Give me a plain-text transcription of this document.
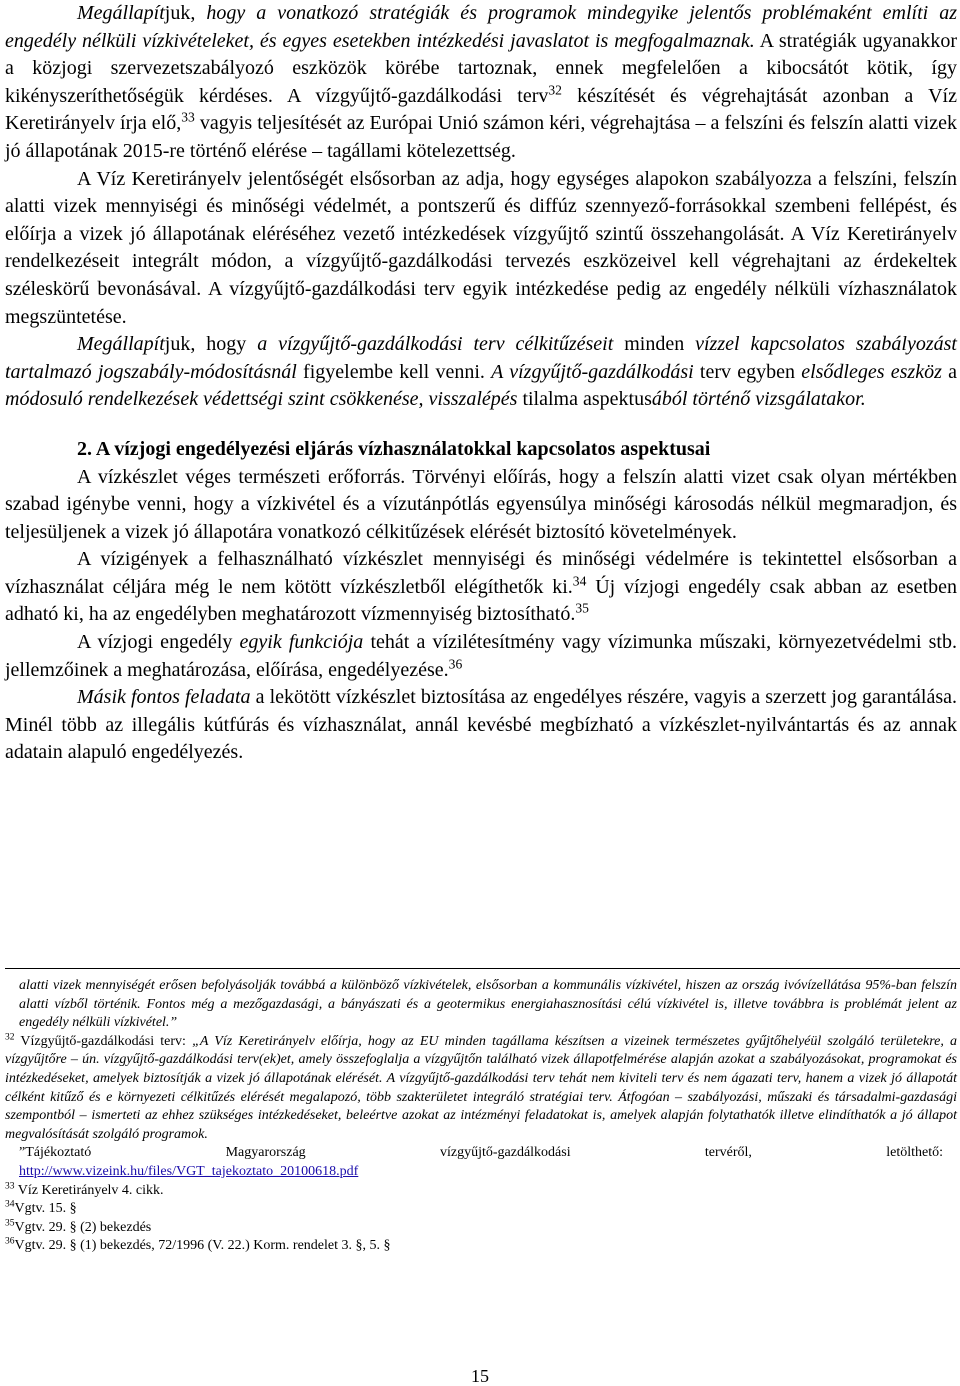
Megállapítjuk, hogy a vonatkozó stratégiák és programok mindegyike jelentős problémaként említi az engedély nélküli vízkivételeket, és egyes esetekben intézkedési javaslatot is megfogalmaznak. A stratégiák ugyanakkor a közjogi szervezetszabályozó eszközök körébe tartoznak, ennek megfelelően a kibocsátót kötik, így kikényszeríthetőségük kérdéses. A vízgyűjtő-gazdálkodási terv$^{32}$ készítését és végrehajtását azonban a Víz Keretirányelv írja elő,$^{33}$ vagyis teljesítését az Európai Unió számon kéri, végrehajtása – a felszíni és felszín alatti vizek jó állapotának 2015-re történő elérése – tagállami kötelezettség.

A Víz Keretirányelv jelentőségét elsősorban az adja, hogy egységes alapokon szabályozza a felszíni, felszín alatti vizek mennyiségi és minőségi védelmét, a pontszerű és diffúz szennyező-forrásokkal szembeni fellépést, és előírja a vizek jó állapotának eléréséhez vezető intézkedések vízgyűjtő szintű összehangolását. A Víz Keretirányelv rendelkezéseit integrált módon, a vízgyűjtő-gazdálkodási tervezés eszközeivel kell végrehajtani az érdekeltek széleskörű bevonásával. A vízgyűjtő-gazdálkodási terv egyik intézkedése pedig az engedély nélküli vízhasználatok megszüntetése.

Megállapítjuk, hogy a vízgyűjtő-gazdálkodási terv célkitűzéseit minden vízzel kapcsolatos szabályozást tartalmazó jogszabály-módosításnál figyelembe kell venni. A vízgyűjtő-gazdálkodási terv egyben elsődleges eszköz a módosuló rendelkezések védettségi szint csökkenése, visszalépés tilalma aspektusából történő vizsgálatakor.

2. A vízjogi engedélyezési eljárás vízhasználatokkal kapcsolatos aspektusai

A vízkészlet véges természeti erőforrás. Törvényi előírás, hogy a felszín alatti vizet csak olyan mértékben szabad igénybe venni, hogy a vízkivétel és a vízutánpótlás egyensúlya minőségi károsodás nélkül megmaradjon, és teljesüljenek a vizek jó állapotára vonatkozó célkitűzések elérését biztosító követelmények.

A vízigények a felhasználható vízkészlet mennyiségi és minőségi védelmére is tekintettel elsősorban a vízhasználat céljára még le nem kötött vízkészletből elégíthetők ki.$^{34}$ Új vízjogi engedély csak abban az esetben adható ki, ha az engedélyben meghatározott vízmennyiség biztosítható.$^{35}$

A vízjogi engedély egyik funkciója tehát a vízilétesítmény vagy vízimunka műszaki, környezetvédelmi stb. jellemzőinek a meghatározása, előírása, engedélyezése.$^{36}$

Másik fontos feladata a lekötött vízkészlet biztosítása az engedélyes részére, vagyis a szerzett jog garantálása. Minél több az illegális kútfúrás és vízhasználat, annál kevésbé megbízható a vízkészlet-nyilvántartás és az annak adatain alapuló engedélyezés.

alatti vizek mennyiségét erősen befolyásolják továbbá a különböző vízkivételek, elsősorban a kommunális vízkivétel, hiszen az ország ivóvízellátása 95%-ban felszín alatti vízből történik. Fontos még a mezőgazdasági, a bányászati és a geotermikus energiahasznosítási célú vízkivétel is, illetve továbbra is problémát jelent az engedély nélküli vízkivétel.”

$^{32}$ Vízgyűjtő-gazdálkodási terv: „A Víz Keretirányelv előírja, hogy az EU minden tagállama készítsen a vizeinek természetes gyűjtőhelyéül szolgáló területekre, a vízgyűjtőre – ún. vízgyűjtő-gazdálkodási terv(ek)et, amely összefoglalja a vízgyűjtőn található vizek állapotfelmérése alapján azokat a szabályozásokat, programokat és intézkedéseket, amelyek biztosítják a vizek jó állapotának elérését. A vízgyűjtő-gazdálkodási terv tehát nem kiviteli terv és nem ágazati terv, hanem a vizek jó állapotát célként kitűző és e környezeti célkitűzés elérését megalapozó, több szakterületet integráló stratégiai terv. Átfogóan – szabályozási, műszaki és társadalmi-gazdasági szempontból – ismerteti az ehhez szükséges intézkedéseket, beleértve azokat az intézményi feladatokat is, amelyek alapján folytathatók illetve elindíthatók a jó állapot megvalósítását szolgáló programok.
”Tájékoztató Magyarország vízgyűjtő-gazdálkodási tervéről, letölthető:
http://www.vizeink.hu/files/VGT_tajekoztato_20100618.pdf

$^{33}$ Víz Keretirányelv 4. cikk.

$^{34}$Vgtv. 15. §

$^{35}$Vgtv. 29. § (2) bekezdés

$^{36}$Vgtv. 29. § (1) bekezdés, 72/1996 (V. 22.) Korm. rendelet 3. §, 5. §

15
